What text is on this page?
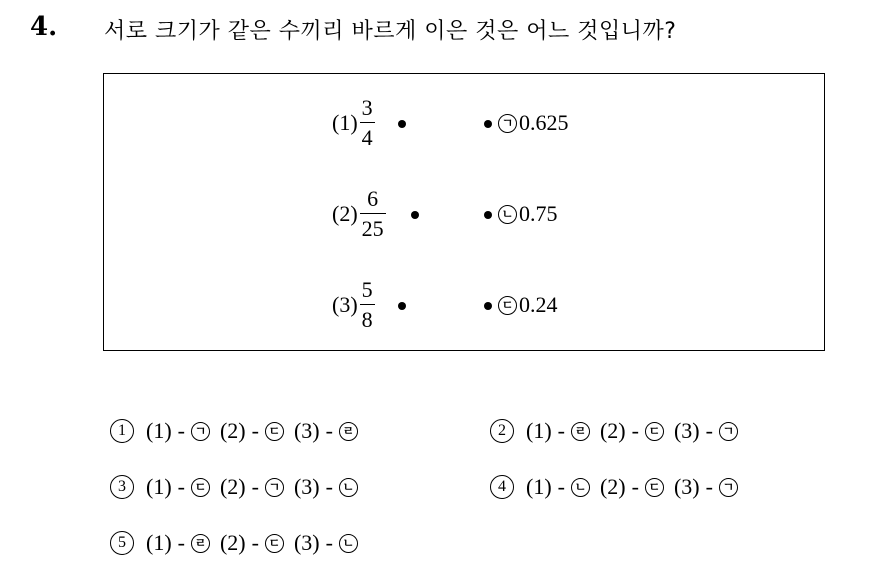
4. 서로 크기가 같은 수끼리 바르게 이은 것은 어느 것입니까?
$(1) \frac{3}{4}$	ㄱ 0.625
$(2) \frac{6}{25}$	ㄴ 0.75
$(3) \frac{5}{8}$	ㄷ 0.24
1 (1) - ㄱ (2) - ㄷ (3) - ㄹ	2 (1) - ㄹ (2) - ㄷ (3) - ㄱ
3 (1) - ㄷ (2) - ㄱ (3) - ㄴ	4 (1) - ㄴ (2) - ㄷ (3) - ㄱ
5 (1) - ㄹ (2) - ㄷ (3) - ㄴ
